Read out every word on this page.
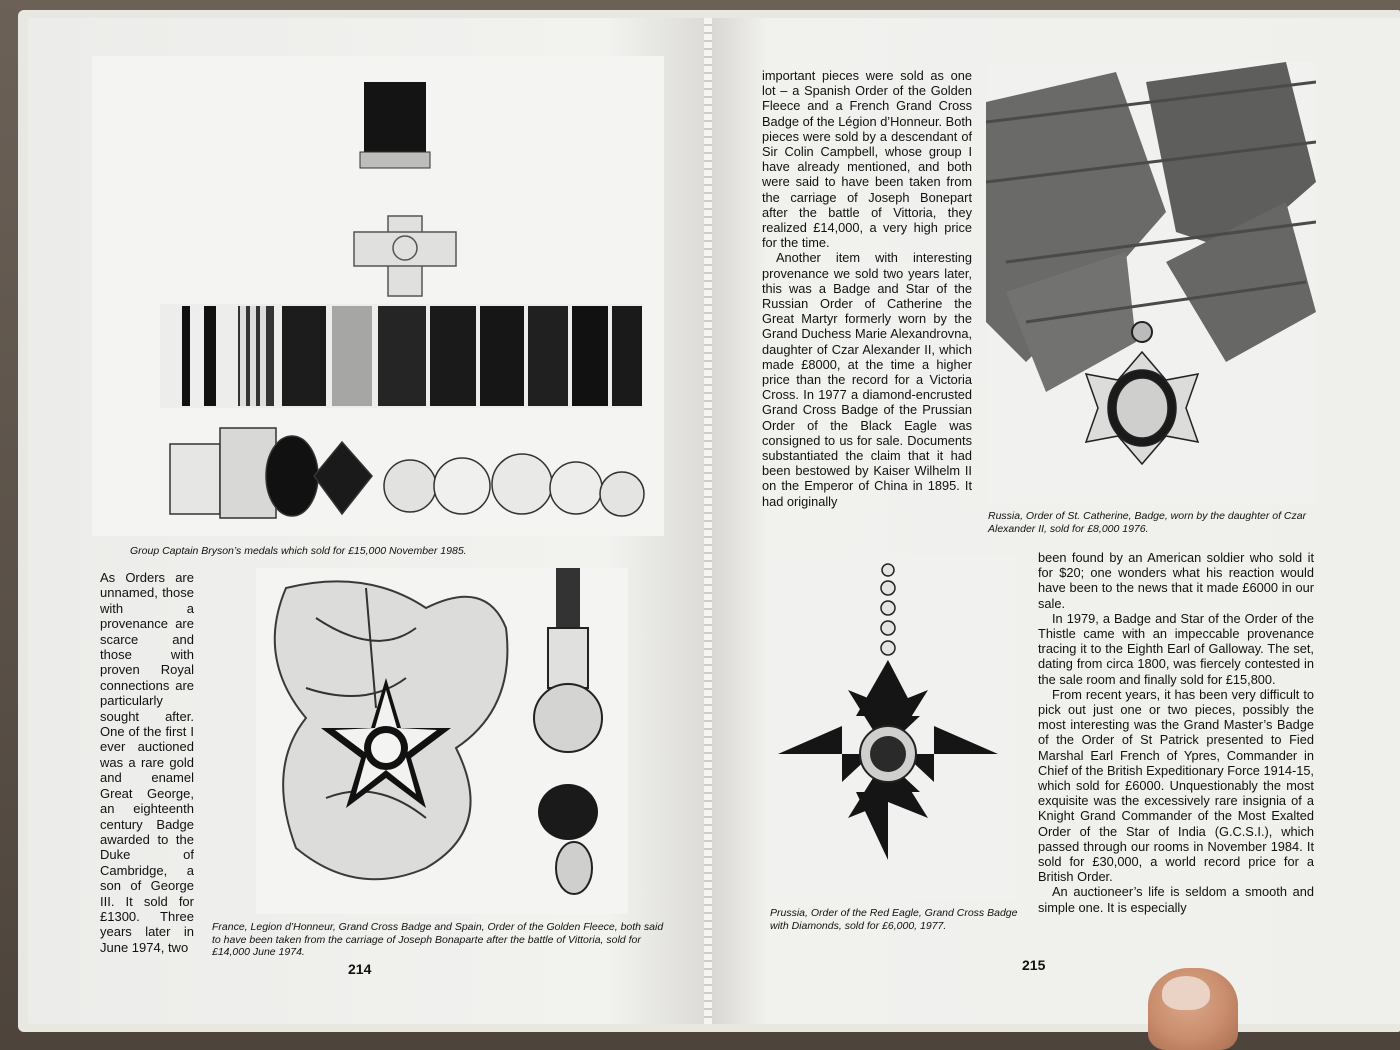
Group Captain Bryson’s medals which sold for £15,000 November 1985.

As Orders are unnamed, those with a provenance are scarce and those with proven Royal connections are particularly sought after. One of the first I ever auctioned was a rare gold and enamel Great George, an eighteenth century Badge awarded to the Duke of Cambridge, a son of George III. It sold for £1300. Three years later in June 1974, two

France, Legion d’Honneur, Grand Cross Badge and Spain, Order of the Golden Fleece, both said to have been taken from the carriage of Joseph Bonaparte after the battle of Vittoria, sold for £14,000 June 1974.
214

important pieces were sold as one lot – a Spanish Order of the Golden Fleece and a French Grand Cross Badge of the Légion d’Honneur. Both pieces were sold by a descendant of Sir Colin Campbell, whose group I have already mentioned, and both were said to have been taken from the carriage of Joseph Bonepart after the battle of Vittoria, they realized £14,000, a very high price for the time.

Another item with interesting provenance we sold two years later, this was a Badge and Star of the Russian Order of Catherine the Great Martyr formerly worn by the Grand Duchess Marie Alexandrovna, daughter of Czar Alexander II, which made £8000, at the time a higher price than the record for a Victoria Cross. In 1977 a diamond-encrusted Grand Cross Badge of the Prussian Order of the Black Eagle was consigned to us for sale. Documents substantiated the claim that it had been bestowed by Kaiser Wilhelm II on the Emperor of China in 1895. It had originally

Russia, Order of St. Catherine, Badge, worn by the daughter of Czar Alexander II, sold for £8,000 1976.
Prussia, Order of the Red Eagle, Grand Cross Badge with Diamonds, sold for £6,000, 1977.

been found by an American soldier who sold it for $20; one wonders what his reaction would have been to the news that it made £6000 in our sale.

In 1979, a Badge and Star of the Order of the Thistle came with an impeccable provenance tracing it to the Eighth Earl of Galloway. The set, dating from circa 1800, was fiercely contested in the sale room and finally sold for £15,800.

From recent years, it has been very difficult to pick out just one or two pieces, possibly the most interesting was the Grand Master’s Badge of the Order of St Patrick presented to Fied Marshal Earl French of Ypres, Commander in Chief of the British Expeditionary Force 1914-15, which sold for £6000. Unquestionably the most exquisite was the excessively rare insignia of a Knight Grand Commander of the Most Exalted Order of the Star of India (G.C.S.I.), which passed through our rooms in November 1984. It sold for £30,000, a world record price for a British Order.

An auctioneer’s life is seldom a smooth and simple one. It is especially

215
